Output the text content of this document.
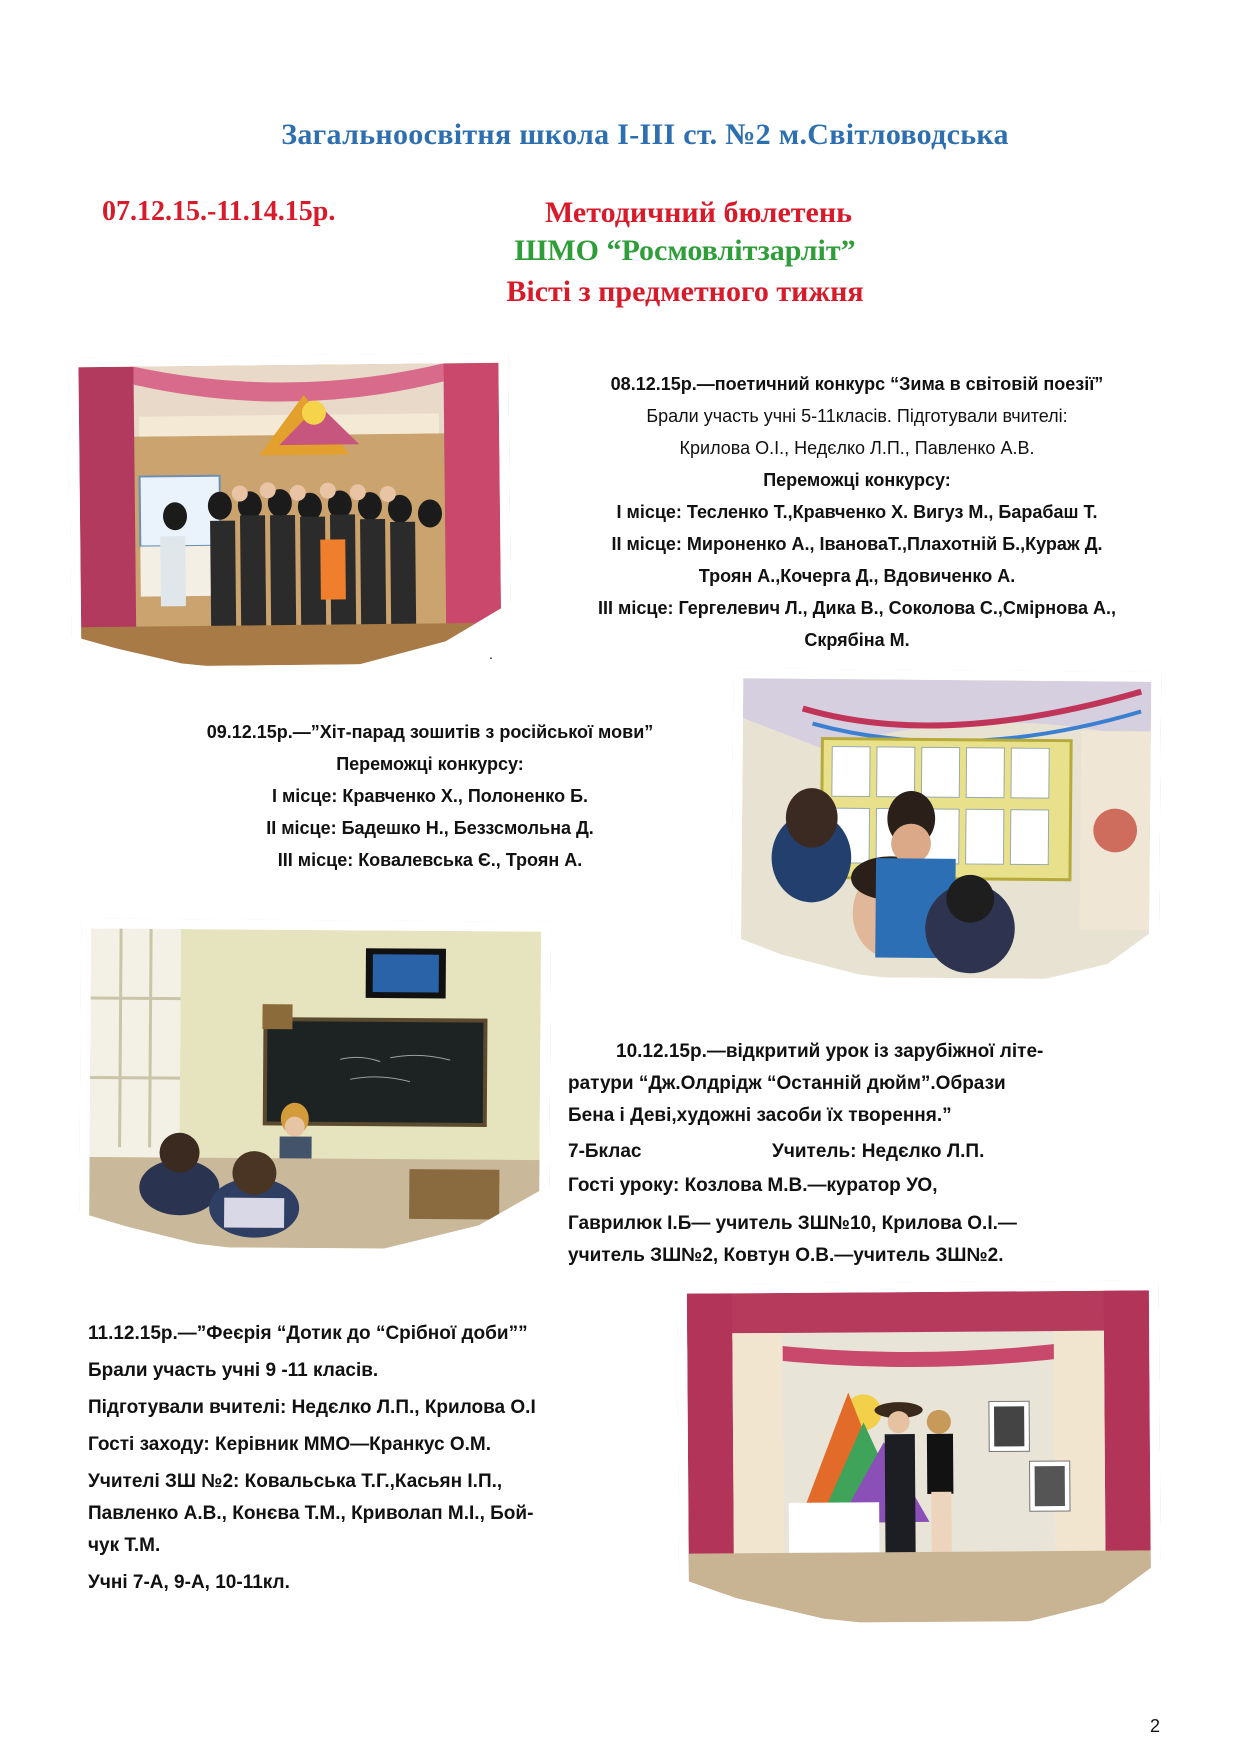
Загальноосвітня школа І-ІІІ ст. №2 м.Світловодська
07.12.15.-11.14.15р.	Методичний бюлетень
ШМО “Росмовлітзарліт”
Вісті з предметного тижня
08.12.15р.—поетичний конкурс “Зима в світовій поезії”
Брали участь учні 5-11класів. Підготували вчителі:
Крилова О.І., Недєлко Л.П., Павленко А.В.
Переможці конкурсу:
І місце: Тесленко Т.,Кравченко Х. Вигуз М., Барабаш Т.
ІІ місце: Мироненко А., ІвановаТ.,Плахотній Б.,Кураж Д.
Троян А.,Кочерга Д., Вдовиченко А.
ІІІ місце: Гергелевич Л., Дика В., Соколова С.,Смірнова А.,
Скрябіна М.
.
09.12.15р.—”Хіт-парад зошитів з російської мови”
Переможці конкурсу:
І місце: Кравченко Х., Полоненко Б.
ІІ місце: Бадешко Н., Беззсмольна Д.
ІІІ місце: Ковалевська Є., Троян А.
10.12.15р.—відкритий урок із зарубіжної літе-
ратури “Дж.Олдрідж “Останній дюйм”.Образи
Бена і Деві,художні засоби їх творення.”
7-Бклас	Учитель: Недєлко Л.П.
Гості уроку: Козлова М.В.—куратор УО,
Гаврилюк І.Б— учитель ЗШ№10, Крилова О.І.—
учитель ЗШ№2, Ковтун О.В.—учитель ЗШ№2.
11.12.15р.—”Феєрія “Дотик до “Срібної доби””
Брали участь учні 9 -11 класів.
Підготували вчителі: Недєлко Л.П., Крилова О.І
Гості заходу: Керівник ММО—Кранкус О.М.
Учителі ЗШ №2: Ковальська Т.Г.,Касьян І.П.,
Павленко А.В., Конєва Т.М., Криволап М.І., Бой-
чук Т.М.
Учні 7-А, 9-А, 10-11кл.
2
